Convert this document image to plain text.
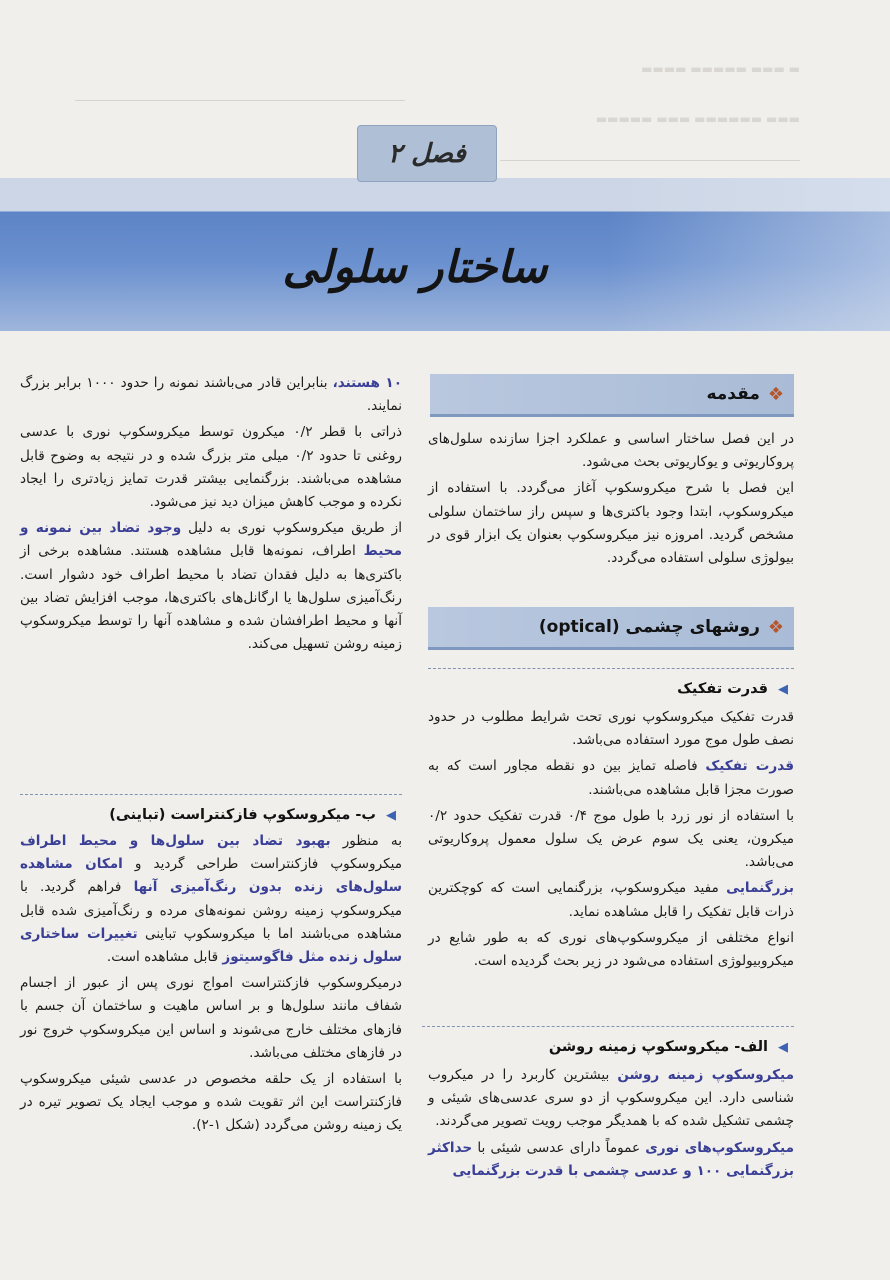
▬ ▬▬▬ ▬▬▬▬▬ ▬▬▬▬
▬▬▬ ▬▬▬▬▬▬ ▬▬▬ ▬▬▬▬▬
فصل ۲
ساختار سلولی
❖
مقدمه

در این فصل ساختار اساسی و عملکرد اجزا سازنده سلول‌های پروکاریوتی و یوکاریوتی بحث می‌شود.

این فصل با شرح میکروسکوپ آغاز می‌گردد. با استفاده از میکروسکوپ، ابتدا وجود باکتری‌ها و سپس راز ساختمان سلولی مشخص گردید. امروزه نیز میکروسکوپ بعنوان یک ابزار قوی در بیولوژی سلولی استفاده می‌گردد.

❖
روشهای چشمی (optical)
◀
قدرت تفکیک

قدرت تفکیک میکروسکوپ نوری تحت شرایط مطلوب در حدود نصف طول موج مورد استفاده می‌باشد.

قدرت تفکیک فاصله تمایز بین دو نقطه مجاور است که به صورت مجزا قابل مشاهده می‌باشند.

با استفاده از نور زرد با طول موج ۰/۴ قدرت تفکیک حدود ۰/۲ میکرون، یعنی یک سوم عرض یک سلول معمول پروکاریوتی می‌باشد.

بزرگنمایی مفید میکروسکوپ، بزرگنمایی است که کوچکترین ذرات قابل تفکیک را قابل مشاهده نماید.

انواع مختلفی از میکروسکوپ‌های نوری که به طور شایع در میکروبیولوژی استفاده می‌شود در زیر بحث گردیده است.

◀
الف- میکروسکوپ زمینه روشن

میکروسکوپ زمینه روشن بیشترین کاربرد را در میکروب شناسی دارد. این میکروسکوپ از دو سری عدسی‌های شیئی و چشمی تشکیل شده که با همدیگر موجب رویت تصویر می‌گردند.

میکروسکوپ‌های نوری عموماً دارای عدسی شیئی با حداکثر بزرگنمایی ۱۰۰ و عدسی چشمی با قدرت بزرگنمایی

۱۰ هستند، بنابراین قادر می‌باشند نمونه را حدود ۱۰۰۰ برابر بزرگ نمایند.

ذراتی با قطر ۰/۲ میکرون توسط میکروسکوپ نوری با عدسی روغنی تا حدود ۰/۲ میلی متر بزرگ شده و در نتیجه به وضوح قابل مشاهده می‌باشند. بزرگنمایی بیشتر قدرت تمایز زیادتری را ایجاد نکرده و موجب کاهش میزان دید نیز می‌شود.

از طریق میکروسکوپ نوری به دلیل وجود تضاد بین نمونه و محیط اطراف، نمونه‌ها قابل مشاهده هستند. مشاهده برخی از باکتری‌ها به دلیل فقدان تضاد با محیط اطراف خود دشوار است. رنگ‌آمیزی سلول‌ها یا ارگانل‌های باکتری‌ها، موجب افزایش تضاد بین آنها و محیط اطرافشان شده و مشاهده آنها را توسط میکروسکوپ زمینه روشن تسهیل می‌کند.

◀
ب- میکروسکوپ فازکنتراست (تباینی)

به منظور بهبود تضاد بین سلول‌ها و محیط اطراف میکروسکوپ فازکنتراست طراحی گردید و امکان مشاهده سلول‌های زنده بدون رنگ‌آمیزی آنها فراهم گردید. با میکروسکوپ زمینه روشن نمونه‌های مرده و رنگ‌آمیزی شده قابل مشاهده می‌باشند اما با میکروسکوپ تباینی تغییرات ساختاری سلول زنده مثل فاگوسیتوز قابل مشاهده است.

درمیکروسکوپ فازکنتراست امواج نوری پس از عبور از اجسام شفاف مانند سلول‌ها و بر اساس ماهیت و ساختمان آن جسم با فازهای مختلف خارج می‌شوند و اساس این میکروسکوپ خروج نور در فازهای مختلف می‌باشد.

با استفاده از یک حلقه مخصوص در عدسی شیئی میکروسکوپ فازکنتراست این اثر تقویت شده و موجب ایجاد یک تصویر تیره در یک زمینه روشن می‌گردد (شکل ۱-۲).
